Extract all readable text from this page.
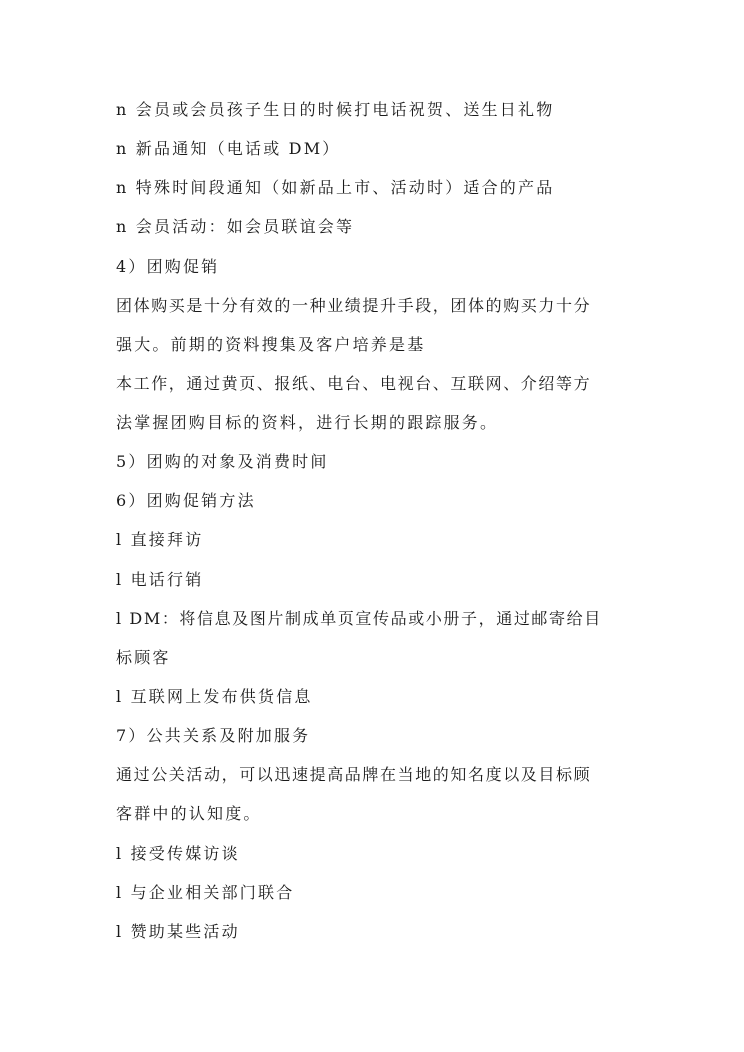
n 会员或会员孩子生日的时候打电话祝贺、送生日礼物
n 新品通知（电话或 DM）
n 特殊时间段通知（如新品上市、活动时）适合的产品
n 会员活动：如会员联谊会等
4）团购促销
团体购买是十分有效的一种业绩提升手段，团体的购买力十分
强大。前期的资料搜集及客户培养是基
本工作，通过黄页、报纸、电台、电视台、互联网、介绍等方
法掌握团购目标的资料，进行长期的跟踪服务。
5）团购的对象及消费时间
6）团购促销方法
l 直接拜访
l 电话行销
l DM：将信息及图片制成单页宣传品或小册子，通过邮寄给目
标顾客
l 互联网上发布供货信息
7）公共关系及附加服务
通过公关活动，可以迅速提高品牌在当地的知名度以及目标顾
客群中的认知度。
l 接受传媒访谈
l 与企业相关部门联合
l 赞助某些活动
